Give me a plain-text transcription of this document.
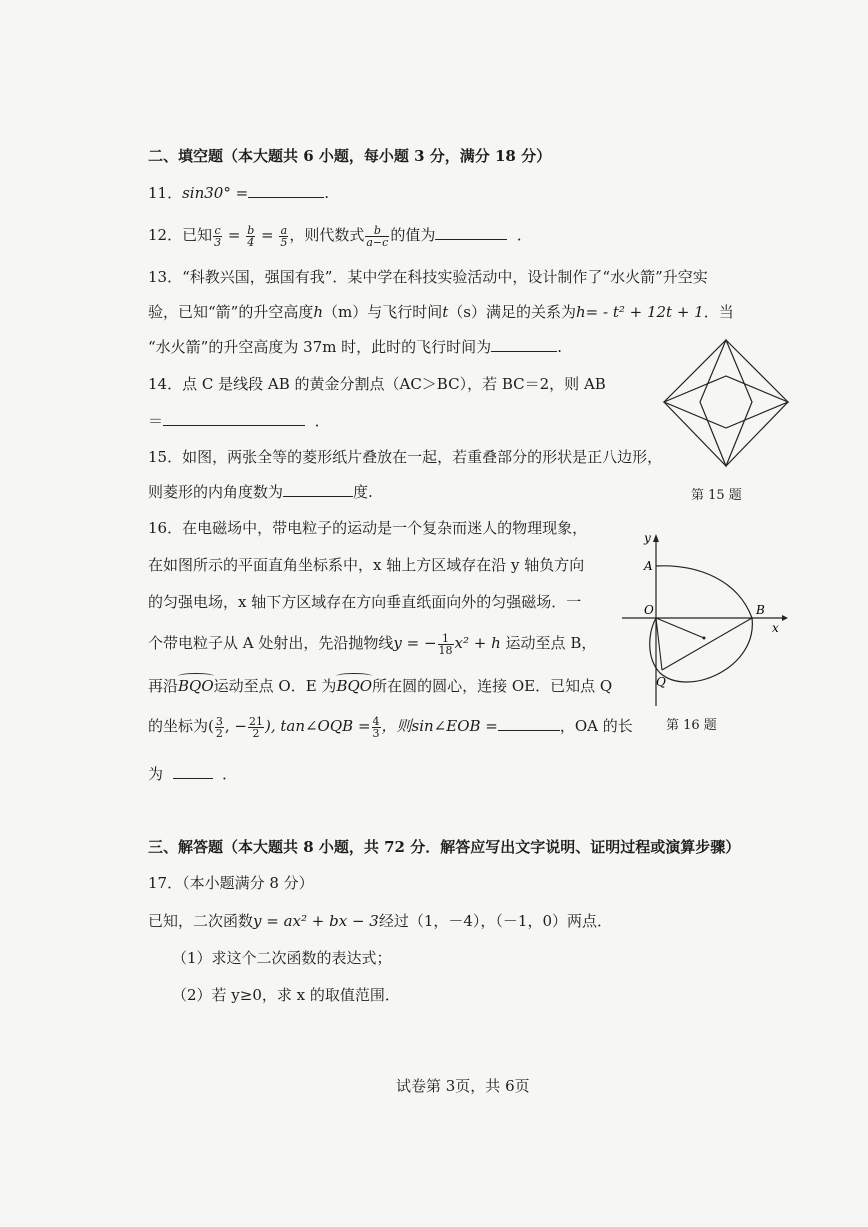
二、填空题（本大题共 6 小题，每小题 3 分，满分 18 分）
11．sin30° =	.
12．已知 $\frac{c}{3} = \frac{b}{4} = \frac{a}{5}$ ，则代数式 $\frac{b}{a-c}$ 的值为	．
13．“科教兴国，强国有我”．某中学在科技实验活动中，设计制作了“水火箭”升空实
验，已知“箭”的升空高度h（m）与飞行时间t（s）满足的关系为h= - t² + 12t + 1．当
“水火箭”的升空高度为 37m 时，此时的飞行时间为	.
14．点 C 是线段 AB 的黄金分割点（AC＞BC），若 BC＝2，则 AB
＝	．
15．如图，两张全等的菱形纸片叠放在一起，若重叠部分的形状是正八边形，
则菱形的内角度数为	度.	第 15 题
16．在电磁场中，带电粒子的运动是一个复杂而迷人的物理现象，
在如图所示的平面直角坐标系中，x 轴上方区域存在沿 y 轴负方向
的匀强电场，x 轴下方区域存在方向垂直纸面向外的匀强磁场．一
个带电粒子从 A 处射出，先沿抛物线y = − $\frac{1}{18} x^2 + h$ 运动至点 B，
再沿BQO运动至点 O．E 为BQO所在圆的圆心，连接 OE．已知点 Q
的坐标为( $\frac{3}{2}$ , − $\frac{21}{2}$ ), tan∠OQB = $\frac{4}{3}$ ，则sin∠EOB =	，OA 的长
为	．
y
x
A
O	B
Q
第 16 题
三、解答题（本大题共 8 小题，共 72 分．解答应写出文字说明、证明过程或演算步骤）
17．（本小题满分 8 分）
已知，二次函数y = ax² + bx − 3经过（1，－4），（－1，0）两点．
（1）求这个二次函数的表达式；
（2）若 y≥0，求 x 的取值范围．
试卷第 3页，共 6页
